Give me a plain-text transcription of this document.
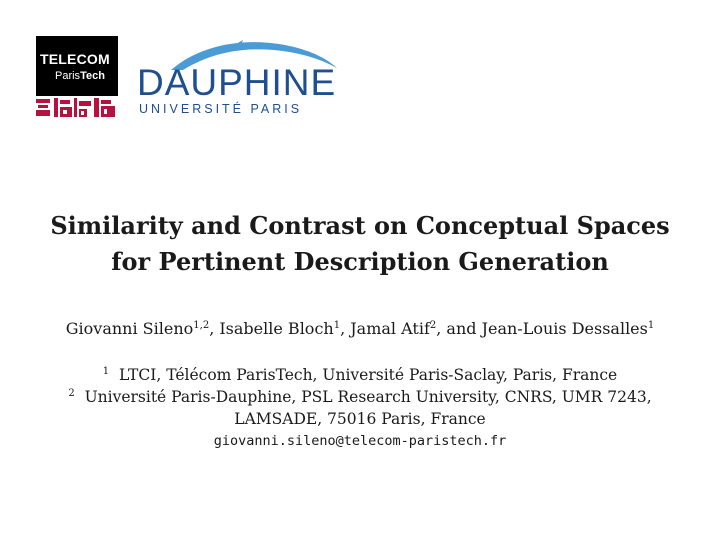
TELECOM
ParisTech DAUPHINE
UNIVERSITÉ PARIS
Similarity and Contrast on Conceptual Spaces
for Pertinent Description Generation
Giovanni Sileno$^{1,2}$, Isabelle Bloch$^1$, Jamal Atif$^2$, and Jean-Louis Dessalles$^1$
$^1$ LTCI, Télécom ParisTech, Université Paris-Saclay, Paris, France
$^2$ Université Paris-Dauphine, PSL Research University, CNRS, UMR 7243,
LAMSADE, 75016 Paris, France
giovanni.sileno@telecom-paristech.fr
